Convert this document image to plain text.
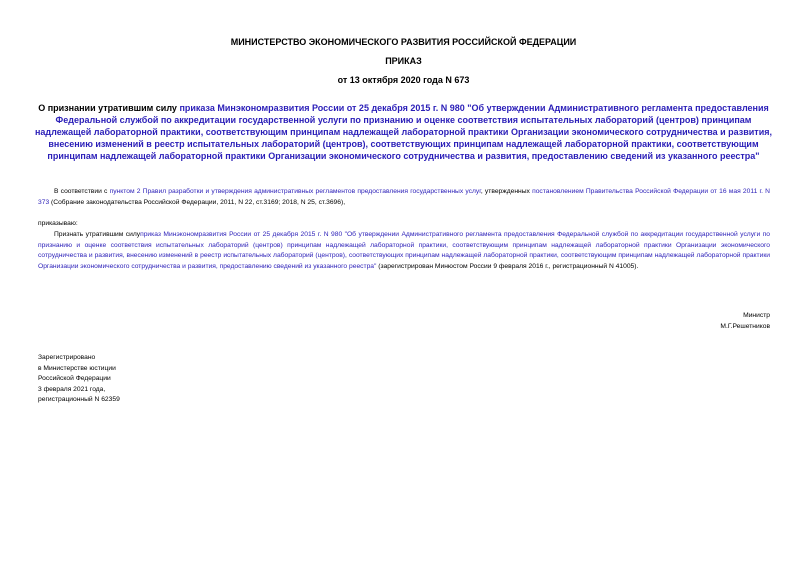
МИНИСТЕРСТВО ЭКОНОМИЧЕСКОГО РАЗВИТИЯ РОССИЙСКОЙ ФЕДЕРАЦИИ
ПРИКАЗ
от 13 октября 2020 года N 673
О признании утратившим силу приказа Минэкономразвития России от 25 декабря 2015 г. N 980 "Об утверждении Административного регламента предоставления Федеральной службой по аккредитации государственной услуги по признанию и оценке соответствия испытательных лабораторий (центров) принципам надлежащей лабораторной практики, соответствующим принципам надлежащей лабораторной практики Организации экономического сотрудничества и развития, внесению изменений в реестр испытательных лабораторий (центров), соответствующих принципам надлежащей лабораторной практики, соответствующим принципам надлежащей лабораторной практики Организации экономического сотрудничества и развития, предоставлению сведений из указанного реестра"
В соответствии с пунктом 2 Правил разработки и утверждения административных регламентов предоставления государственных услуг, утвержденных постановлением Правительства Российской Федерации от 16 мая 2011 г. N 373 (Собрание законодательства Российской Федерации, 2011, N 22, ст.3169; 2018, N 25, ст.3696),
приказываю:
Признать утратившим силуприказ Минэкономразвития России от 25 декабря 2015 г. N 980 "Об утверждении Административного регламента предоставления Федеральной службой по аккредитации государственной услуги по признанию и оценке соответствия испытательных лабораторий (центров) принципам надлежащей лабораторной практики, соответствующим принципам надлежащей лабораторной практики Организации экономического сотрудничества и развития, внесению изменений в реестр испытательных лабораторий (центров), соответствующих принципам надлежащей лабораторной практики, соответствующим принципам надлежащей лабораторной практики Организации экономического сотрудничества и развития, предоставлению сведений из указанного реестра" (зарегистрирован Минюстом России 9 февраля 2016 г., регистрационный N 41005).
Министр
М.Г.Решетников
Зарегистрировано
в Министерстве юстиции
Российской Федерации
3 февраля 2021 года,
регистрационный N 62359
